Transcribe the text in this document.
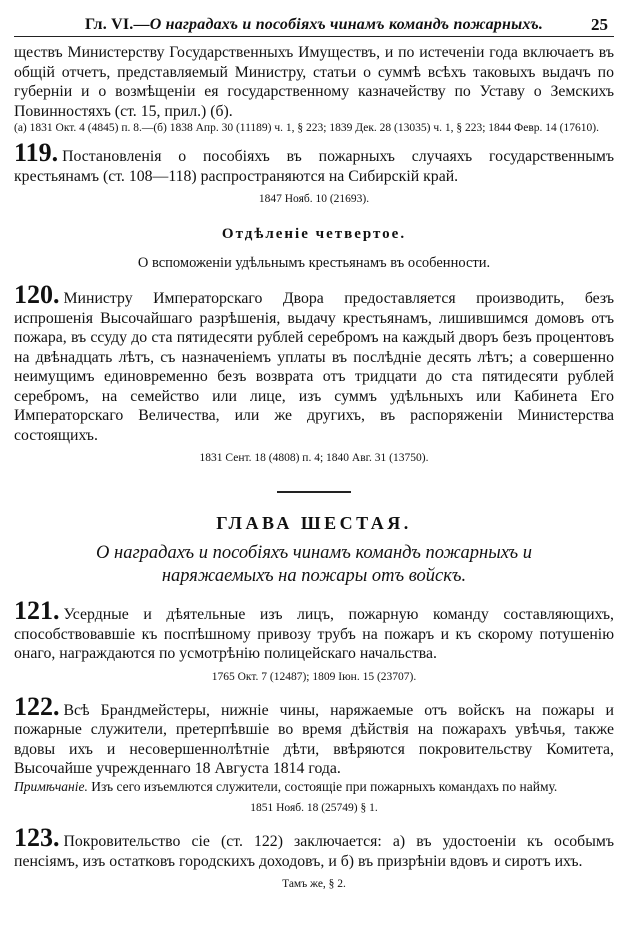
Гл. VI.—О наградахъ и пособіяхъ чинамъ командъ пожарныхъ.	25

ществъ Министерству Государственныхъ Имуществъ, и по истеченіи года включаетъ въ общій отчетъ, представляемый Министру, статьи о суммѣ всѣхъ таковыхъ выдачъ по губерніи и о возмѣщеніи ея государственному казначейству по Уставу о Земскихъ Повинностяхъ (ст. 15, прил.) (б).

(а) 1831 Окт. 4 (4845) п. 8.—(б) 1838 Апр. 30 (11189) ч. 1, § 223; 1839 Дек. 28 (13035) ч. 1, § 223; 1844 Февр. 14 (17610).

119. Постановленія о пособіяхъ въ пожарныхъ случаяхъ государственнымъ крестьянамъ (ст. 108—118) распространяются на Сибирскій край.

1847 Нояб. 10 (21693).
Отдѣленіе четвертое.
О вспоможеніи удѣльнымъ крестьянамъ въ особенности.

120. Министру Императорскаго Двора предоставляется производить, безъ испрошенія Высочайшаго разрѣшенія, выдачу крестьянамъ, лишившимся домовъ отъ пожара, въ ссуду до ста пятидесяти рублей серебромъ на каждый дворъ безъ процентовъ на двѣнадцать лѣтъ, съ назначеніемъ уплаты въ послѣдніе десять лѣтъ; а совершенно неимущимъ единовременно безъ возврата отъ тридцати до ста пятидесяти рублей серебромъ, на семейство или лице, изъ суммъ удѣльныхъ или Кабинета Его Императорскаго Величества, или же другихъ, въ распоряженіи Министерства состоящихъ.

1831 Сент. 18 (4808) п. 4; 1840 Авг. 31 (13750).
ГЛАВА ШЕСТАЯ.
О наградахъ и пособіяхъ чинамъ командъ пожарныхъ и наряжаемыхъ на пожары отъ войскъ.

121. Усердные и дѣятельные изъ лицъ, пожарную команду составляющихъ, способствовавшіе къ поспѣшному привозу трубъ на пожаръ и къ скорому потушенію онаго, награждаются по усмотрѣнію полицейскаго начальства.

1765 Окт. 7 (12487); 1809 Іюн. 15 (23707).

122. Всѣ Брандмейстеры, нижніе чины, наряжаемые отъ войскъ на пожары и пожарные служители, претерпѣвшіе во время дѣйствія на пожарахъ увѣчья, также вдовы ихъ и несовершеннолѣтніе дѣти, ввѣряются покровительству Комитета, Высочайше учрежденнаго 18 Августа 1814 года.

Примѣчаніе. Изъ сего изъемлются служители, состоящіе при пожарныхъ командахъ по найму.
1851 Нояб. 18 (25749) § 1.

123. Покровительство сіе (ст. 122) заключается: а) въ удостоеніи къ особымъ пенсіямъ, изъ остатковъ городскихъ доходовъ, и б) въ призрѣніи вдовъ и сиротъ ихъ.

Тамъ же, § 2.
